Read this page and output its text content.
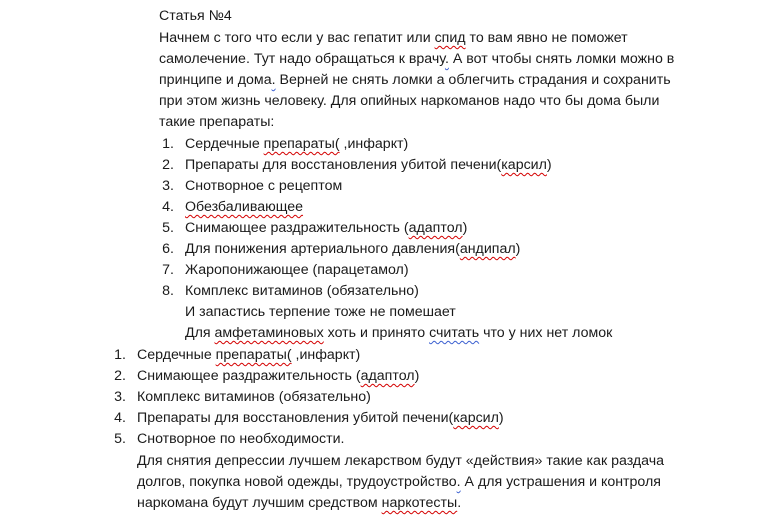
Статья №4
Начнем с того что если у вас гепатит или спид то вам явно не поможет
самолечение. Тут надо обращаться к врачу. А вот чтобы снять ломки можно в
принципе и дома. Верней не снять ломки а облегчить страдания и сохранить
при этом жизнь человеку. Для опийных наркоманов надо что бы дома были
такие препараты:
1. Сердечные препараты( ,инфаркт)
2. Препараты для восстановления убитой печени(карсил)
3. Снотворное с рецептом
4. Обезбаливающее
5. Снимающее раздражительность (адаптол)
6. Для понижения артериального давления(андипал)
7. Жаропонижающее (парацетамол)
8. Комплекс витаминов (обязательно)
И запастись терпение тоже не помешает
Для амфетаминовых хоть и принято считать что у них нет ломок
1. Сердечные препараты( ,инфаркт)
2. Снимающее раздражительность (адаптол)
3. Комплекс витаминов (обязательно)
4. Препараты для восстановления убитой печени(карсил)
5. Снотворное по необходимости.
Для снятия депрессии лучшем лекарством будут «действия» такие как раздача
долгов, покупка новой одежды, трудоустройство. А для устрашения и контроля
наркомана будут лучшим средством наркотесты.
